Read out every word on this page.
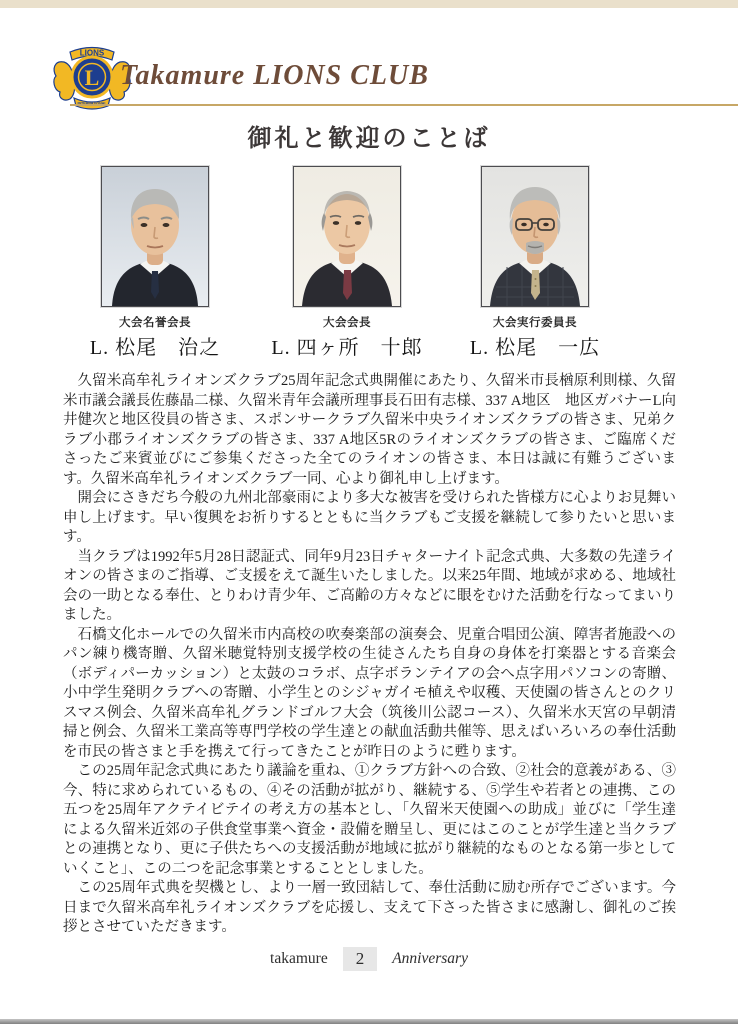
LIONS
L Takamure LIONS CLUB
御礼と歓迎のことば
大会名誉会長
L. 松尾　治之
大会会長
L. 四ヶ所　十郎
大会実行委員長
L. 松尾　一広

久留米高牟礼ライオンズクラブ25周年記念式典開催にあたり、久留米市長楢原利則様、久留米市議会議長佐藤晶二様、久留米青年会議所理事長石田有志様、337 A地区　地区ガバナーL向井健次と地区役員の皆さま、スポンサークラブ久留米中央ライオンズクラブの皆さま、兄弟クラブ小郡ライオンズクラブの皆さま、337 A地区5Rのライオンズクラブの皆さま、ご臨席くださったご来賓並びにご参集くださった全てのライオンの皆さま、本日は誠に有難うございます。久留米高牟礼ライオンズクラブ一同、心より御礼申し上げます。

開会にさきだち今般の九州北部豪雨により多大な被害を受けられた皆様方に心よりお見舞い申し上げます。早い復興をお祈りするとともに当クラブもご支援を継続して参りたいと思います。

当クラブは1992年5月28日認証式、同年9月23日チャターナイト記念式典、大多数の先達ライオンの皆さまのご指導、ご支援をえて誕生いたしました。以来25年間、地域が求める、地域社会の一助となる奉仕、とりわけ青少年、ご高齢の方々などに眼をむけた活動を行なってまいりました。

石橋文化ホールでの久留米市内高校の吹奏楽部の演奏会、児童合唱団公演、障害者施設へのパン練り機寄贈、久留米聴覚特別支援学校の生徒さんたち自身の身体を打楽器とする音楽会（ボディパーカッション）と太鼓のコラボ、点字ボランテイアの会へ点字用パソコンの寄贈、小中学生発明クラブへの寄贈、小学生とのシジャガイモ植えや収穫、天使園の皆さんとのクリスマス例会、久留米高牟礼グランドゴルフ大会（筑後川公認コース）、久留米水天宮の早朝清掃と例会、久留米工業高等専門学校の学生達との献血活動共催等、思えばいろいろの奉仕活動を市民の皆さまと手を携えて行ってきたことが昨日のように甦ります。

この25周年記念式典にあたり議論を重ね、①クラブ方針への合致、②社会的意義がある、③今、特に求められているもの、④その活動が拡がり、継続する、⑤学生や若者との連携、この五つを25周年アクテイビテイの考え方の基本とし、「久留米天使園への助成」並びに「学生達による久留米近郊の子供食堂事業へ資金・設備を贈呈し、更にはこのことが学生達と当クラブとの連携となり、更に子供たちへの支援活動が地域に拡がり継続的なものとなる第一歩としていくこと」、この二つを記念事業とすることとしました。

この25周年式典を契機とし、より一層一致団結して、奉仕活動に励む所存でございます。今日まで久留米高牟礼ライオンズクラブを応援し、支えて下さった皆さまに感謝し、御礼のご挨拶とさせていただきます。

takamure	2	Anniversary
